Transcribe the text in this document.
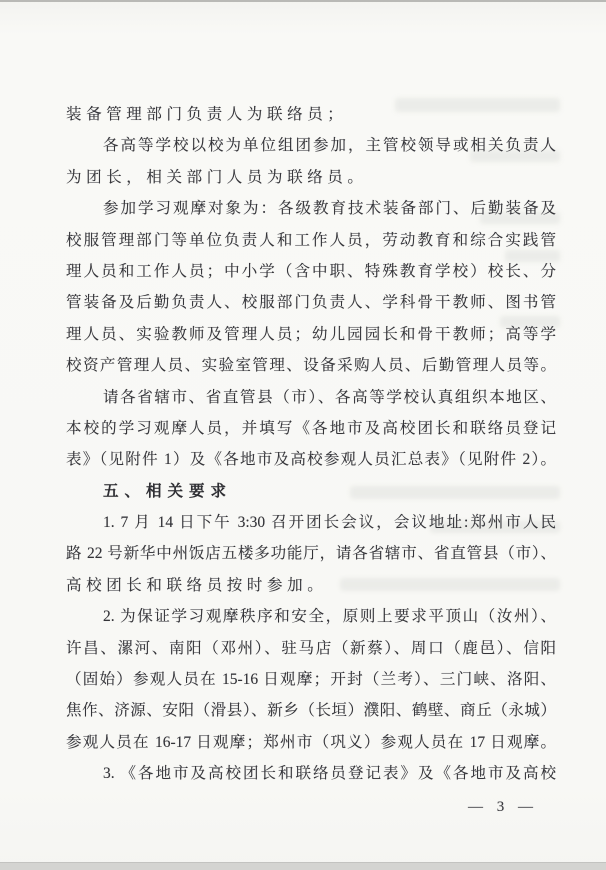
装备管理部门负责人为联络员；
各高等学校以校为单位组团参加，主管校领导或相关负责人
为团长，相关部门人员为联络员。
参加学习观摩对象为：各级教育技术装备部门、后勤装备及
校服管理部门等单位负责人和工作人员，劳动教育和综合实践管
理人员和工作人员；中小学（含中职、特殊教育学校）校长、分
管装备及后勤负责人、校服部门负责人、学科骨干教师、图书管
理人员、实验教师及管理人员；幼儿园园长和骨干教师；高等学
校资产管理人员、实验室管理、设备采购人员、后勤管理人员等。
请各省辖市、省直管县（市）、各高等学校认真组织本地区、
本校的学习观摩人员，并填写《各地市及高校团长和联络员登记
表》（见附件 1）及《各地市及高校参观人员汇总表》（见附件 2）。
五、相关要求
1. 7 月 14 日下午 3:30 召开团长会议，会议地址:郑州市人民
路 22 号新华中州饭店五楼多功能厅，请各省辖市、省直管县（市）、
高校团长和联络员按时参加。
2. 为保证学习观摩秩序和安全，原则上要求平顶山（汝州）、
许昌、漯河、南阳（邓州）、驻马店（新蔡）、周口（鹿邑）、信阳
（固始）参观人员在 15-16 日观摩；开封（兰考）、三门峡、洛阳、
焦作、济源、安阳（滑县）、新乡（长垣）濮阳、鹤壁、商丘（永城）
参观人员在 16-17 日观摩；郑州市（巩义）参观人员在 17 日观摩。
3. 《各地市及高校团长和联络员登记表》及《各地市及高校
— 3 —
